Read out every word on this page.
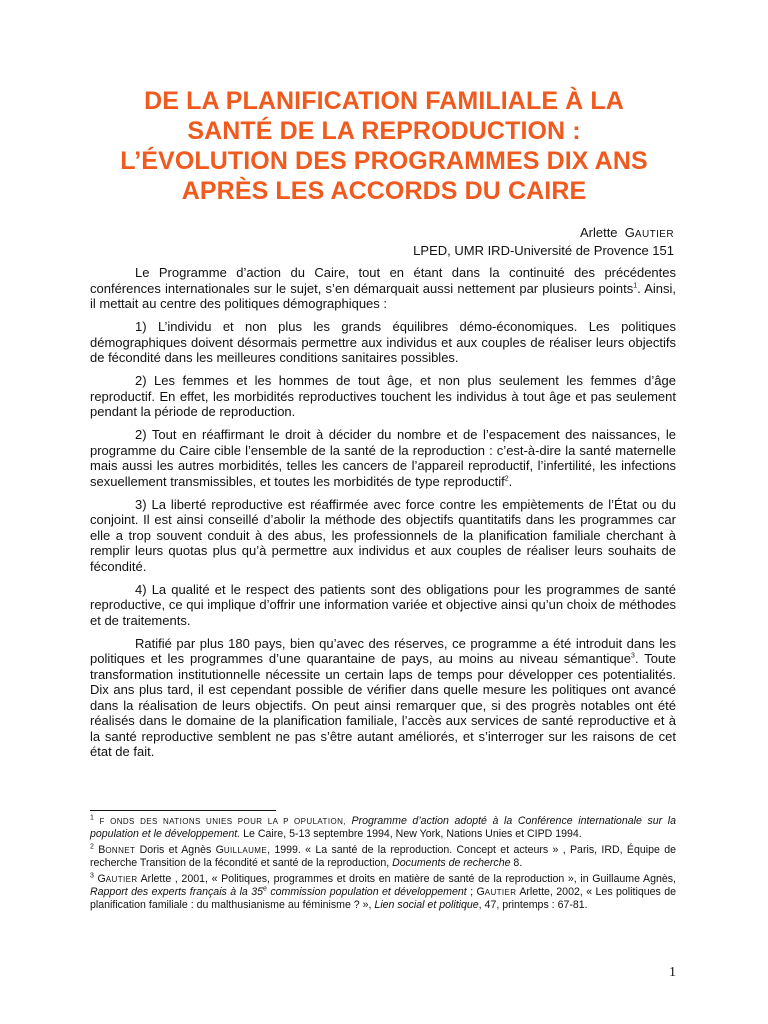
DE LA PLANIFICATION FAMILIALE À LA
SANTÉ DE LA REPRODUCTION :
L’ÉVOLUTION DES PROGRAMMES DIX ANS
APRÈS LES ACCORDS DU CAIRE
Arlette GAUTIER
LPED, UMR IRD-Université de Provence 151

Le Programme d’action du Caire, tout en étant dans la continuité des précédentes conférences internationales sur le sujet, s’en démarquait aussi nettement par plusieurs points$^1$. Ainsi, il mettait au centre des politiques démographiques :

1) L’individu et non plus les grands équilibres démo-économiques. Les politiques démographiques doivent désormais permettre aux individus et aux couples de réaliser leurs objectifs de fécondité dans les meilleures conditions sanitaires possibles.

2) Les femmes et les hommes de tout âge, et non plus seulement les femmes d’âge reproductif. En effet, les morbidités reproductives touchent les individus à tout âge et pas seulement pendant la période de reproduction.

2) Tout en réaffirmant le droit à décider du nombre et de l’espacement des naissances, le programme du Caire cible l’ensemble de la santé de la reproduction : c’est-à-dire la santé maternelle mais aussi les autres morbidités, telles les cancers de l’appareil reproductif, l’infertilité, les infections sexuellement transmissibles, et toutes les morbidités de type reproductif$^2$.

3) La liberté reproductive est réaffirmée avec force contre les empiètements de l’État ou du conjoint. Il est ainsi conseillé d’abolir la méthode des objectifs quantitatifs dans les programmes car elle a trop souvent conduit à des abus, les professionnels de la planification familiale cherchant à remplir leurs quotas plus qu’à permettre aux individus et aux couples de réaliser leurs souhaits de fécondité.

4) La qualité et le respect des patients sont des obligations pour les programmes de santé reproductive, ce qui implique d’offrir une information variée et objective ainsi qu’un choix de méthodes et de traitements.

Ratifié par plus 180 pays, bien qu’avec des réserves, ce programme a été introduit dans les politiques et les programmes d’une quarantaine de pays, au moins au niveau sémantique$^3$. Toute transformation institutionnelle nécessite un certain laps de temps pour développer ces potentialités. Dix ans plus tard, il est cependant possible de vérifier dans quelle mesure les politiques ont avancé dans la réalisation de leurs objectifs. On peut ainsi remarquer que, si des progrès notables ont été réalisés dans le domaine de la planification familiale, l’accès aux services de santé reproductive et à la santé reproductive semblent ne pas s’être autant améliorés, et s’interroger sur les raisons de cet état de fait.

$^1$ F ONDS DES NATIONS UNIES POUR LA P OPULATION, Programme d’action adopté à la Conférence internationale sur la population et le développement. Le Caire, 5-13 septembre 1994, New York, Nations Unies et CIPD 1994.
$^2$ BONNET Doris et Agnès GUILLAUME, 1999. « La santé de la reproduction. Concept et acteurs » , Paris, IRD, Équipe de recherche Transition de la fécondité et santé de la reproduction, Documents de recherche 8.
$^3$ GAUTIER Arlette , 2001, « Politiques, programmes et droits en matière de santé de la reproduction », in Guillaume Agnès, Rapport des experts français à la 35e commission population et développement ; GAUTIER Arlette, 2002, « Les politiques de planification familiale : du malthusianisme au féminisme ? », Lien social et politique, 47, printemps : 67-81.
1
